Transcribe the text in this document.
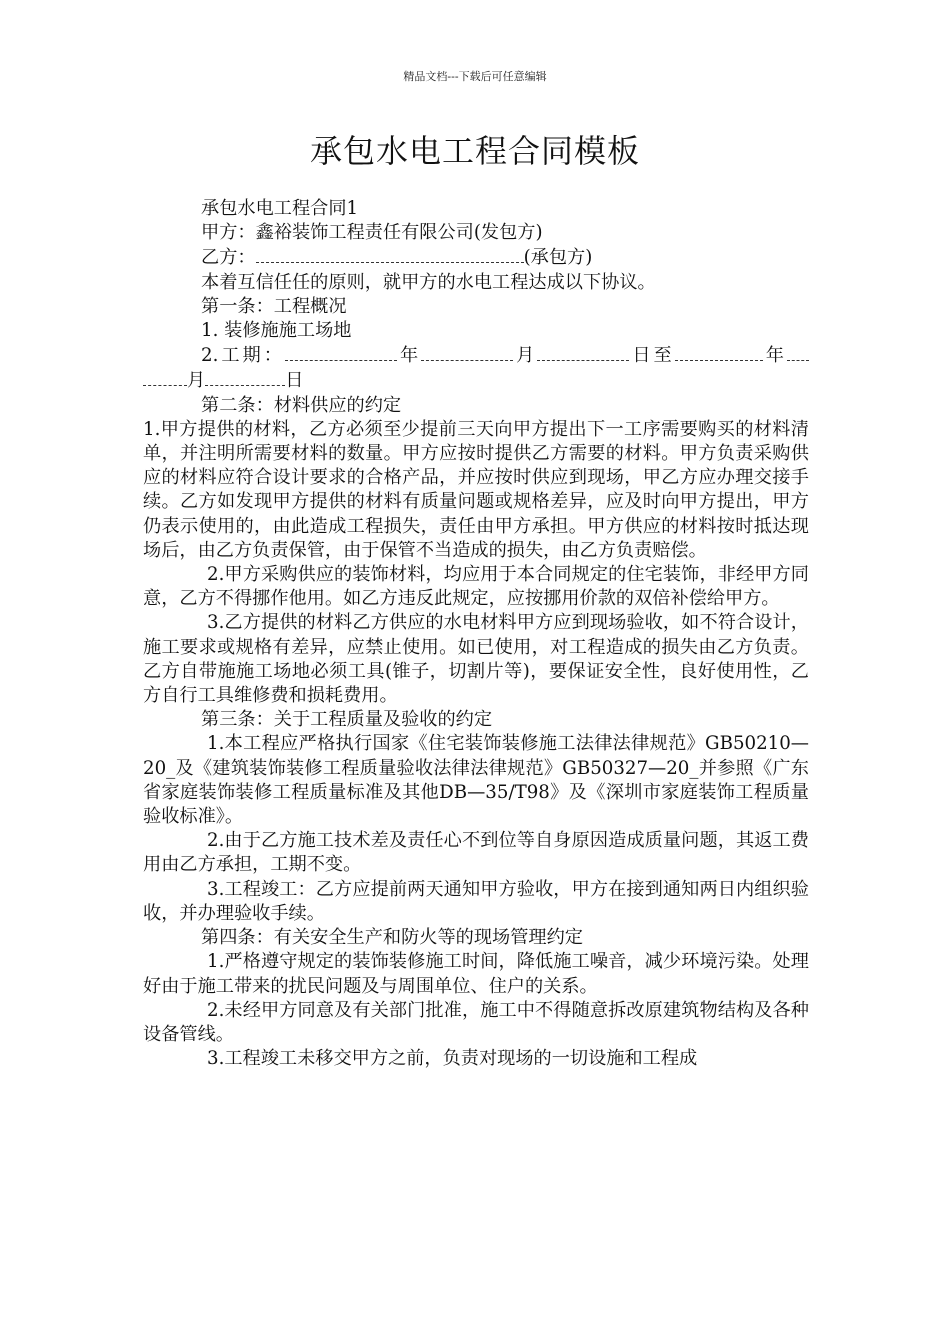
精品文档---下载后可任意编辑
承包水电工程合同模板

承包水电工程合同1

甲方：鑫裕装饰工程责任有限公司(发包方)

乙方：	(承包方)

本着互信任任的原则，就甲方的水电工程达成以下协议。

第一条：工程概况

1. 装修施施工场地

2.工期：	年	月	日至	年月	日

第二条：材料供应的约定

1.甲方提供的材料，乙方必须至少提前三天向甲方提出下一工序需要购买的材料清单，并注明所需要材料的数量。甲方应按时提供乙方需要的材料。甲方负责采购供应的材料应符合设计要求的合格产品，并应按时供应到现场，甲乙方应办理交接手续。乙方如发现甲方提供的材料有质量问题或规格差异，应及时向甲方提出，甲方仍表示使用的，由此造成工程损失，责任由甲方承担。甲方供应的材料按时抵达现场后，由乙方负责保管，由于保管不当造成的损失，由乙方负责赔偿。

2.甲方采购供应的装饰材料，均应用于本合同规定的住宅装饰，非经甲方同意，乙方不得挪作他用。如乙方违反此规定，应按挪用价款的双倍补偿给甲方。

3.乙方提供的材料乙方供应的水电材料甲方应到现场验收，如不符合设计，施工要求或规格有差异，应禁止使用。如已使用，对工程造成的损失由乙方负责。乙方自带施施工场地必须工具(锥子，切割片等)，要保证安全性，良好使用性，乙方自行工具维修费和损耗费用。

第三条：关于工程质量及验收的约定

1.本工程应严格执行国家《住宅装饰装修施工法律法律规范》GB50210—20_及《建筑装饰装修工程质量验收法律法律规范》GB50327—20_并参照《广东省家庭装饰装修工程质量标准及其他DB—35/T98》及《深圳市家庭装饰工程质量验收标准》。

2.由于乙方施工技术差及责任心不到位等自身原因造成质量问题，其返工费用由乙方承担，工期不变。

3.工程竣工：乙方应提前两天通知甲方验收，甲方在接到通知两日内组织验收，并办理验收手续。

第四条：有关安全生产和防火等的现场管理约定

1.严格遵守规定的装饰装修施工时间，降低施工噪音，减少环境污染。处理好由于施工带来的扰民问题及与周围单位、住户的关系。

2.未经甲方同意及有关部门批准，施工中不得随意拆改原建筑物结构及各种设备管线。

3.工程竣工未移交甲方之前，负责对现场的一切设施和工程成
